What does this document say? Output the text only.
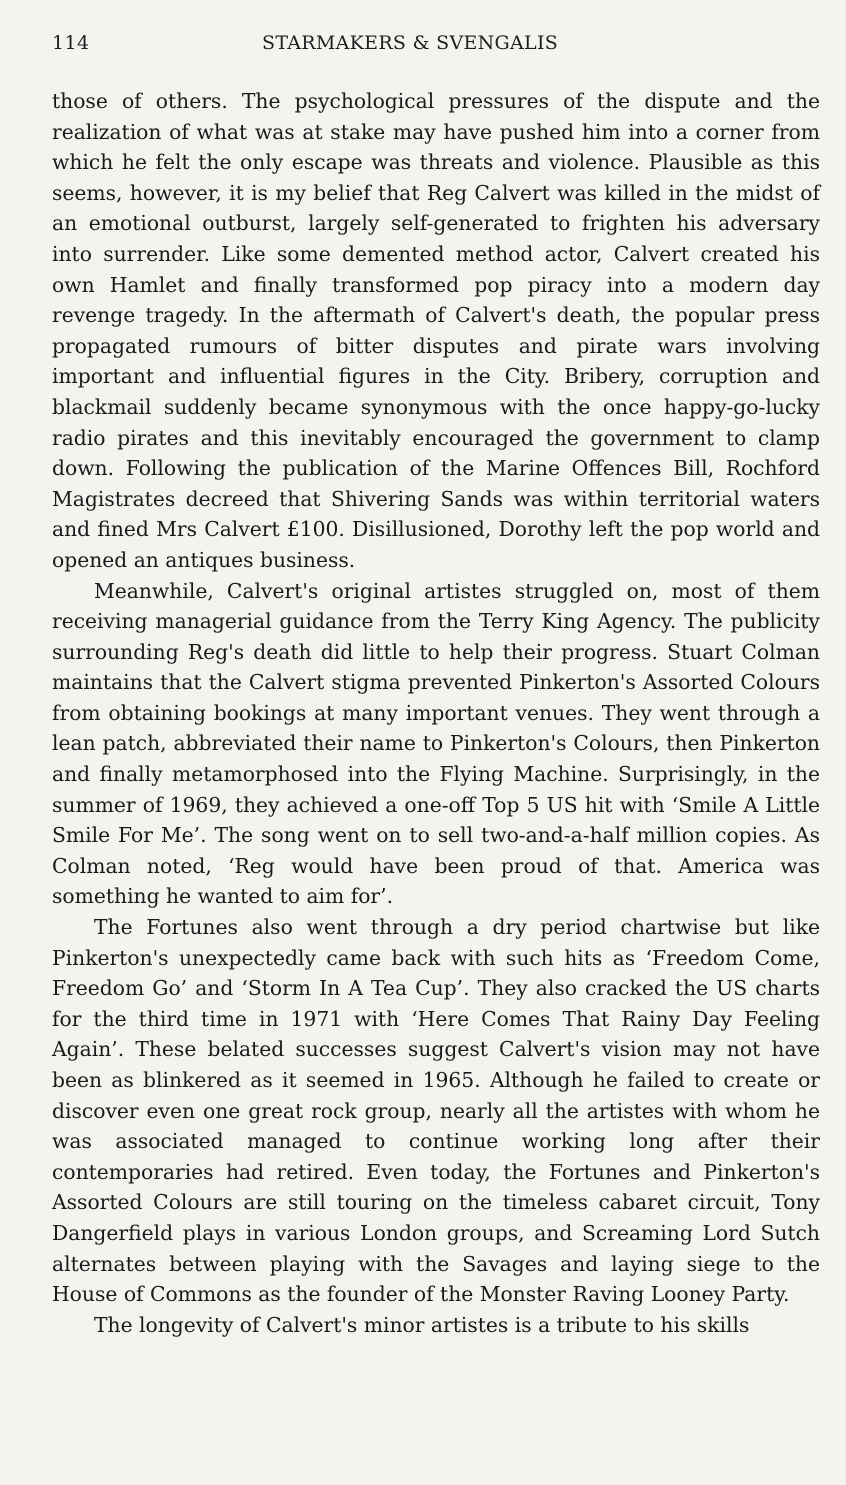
114	STARMAKERS & SVENGALIS

those of others. The psychological pressures of the dispute and the realization of what was at stake may have pushed him into a corner from which he felt the only escape was threats and violence. Plausible as this seems, however, it is my belief that Reg Calvert was killed in the midst of an emotional outburst, largely self-generated to frighten his adversary into surrender. Like some demented method actor, Calvert created his own Hamlet and finally transformed pop piracy into a modern day revenge tragedy. In the aftermath of Calvert's death, the popular press propagated rumours of bitter disputes and pirate wars involving important and influential figures in the City. Bribery, corruption and blackmail suddenly became synonymous with the once happy-go-lucky radio pirates and this inevitably encouraged the government to clamp down. Following the publication of the Marine Offences Bill, Rochford Magistrates decreed that Shivering Sands was within territorial waters and fined Mrs Calvert £100. Disillusioned, Dorothy left the pop world and opened an antiques business.

Meanwhile, Calvert's original artistes struggled on, most of them receiving managerial guidance from the Terry King Agency. The publicity surrounding Reg's death did little to help their progress. Stuart Colman maintains that the Calvert stigma prevented Pinkerton's Assorted Colours from obtaining bookings at many important venues. They went through a lean patch, abbreviated their name to Pinkerton's Colours, then Pinkerton and finally metamorphosed into the Flying Machine. Surprisingly, in the summer of 1969, they achieved a one-off Top 5 US hit with ‘Smile A Little Smile For Me’. The song went on to sell two-and-a-half million copies. As Colman noted, ‘Reg would have been proud of that. America was something he wanted to aim for’.

The Fortunes also went through a dry period chartwise but like Pinkerton's unexpectedly came back with such hits as ‘Freedom Come, Freedom Go’ and ‘Storm In A Tea Cup’. They also cracked the US charts for the third time in 1971 with ‘Here Comes That Rainy Day Feeling Again’. These belated successes suggest Calvert's vision may not have been as blinkered as it seemed in 1965. Although he failed to create or discover even one great rock group, nearly all the artistes with whom he was associated managed to continue working long after their contemporaries had retired. Even today, the Fortunes and Pinkerton's Assorted Colours are still touring on the timeless cabaret circuit, Tony Dangerfield plays in various London groups, and Screaming Lord Sutch alternates between playing with the Savages and laying siege to the House of Commons as the founder of the Monster Raving Looney Party.

The longevity of Calvert's minor artistes is a tribute to his skills
